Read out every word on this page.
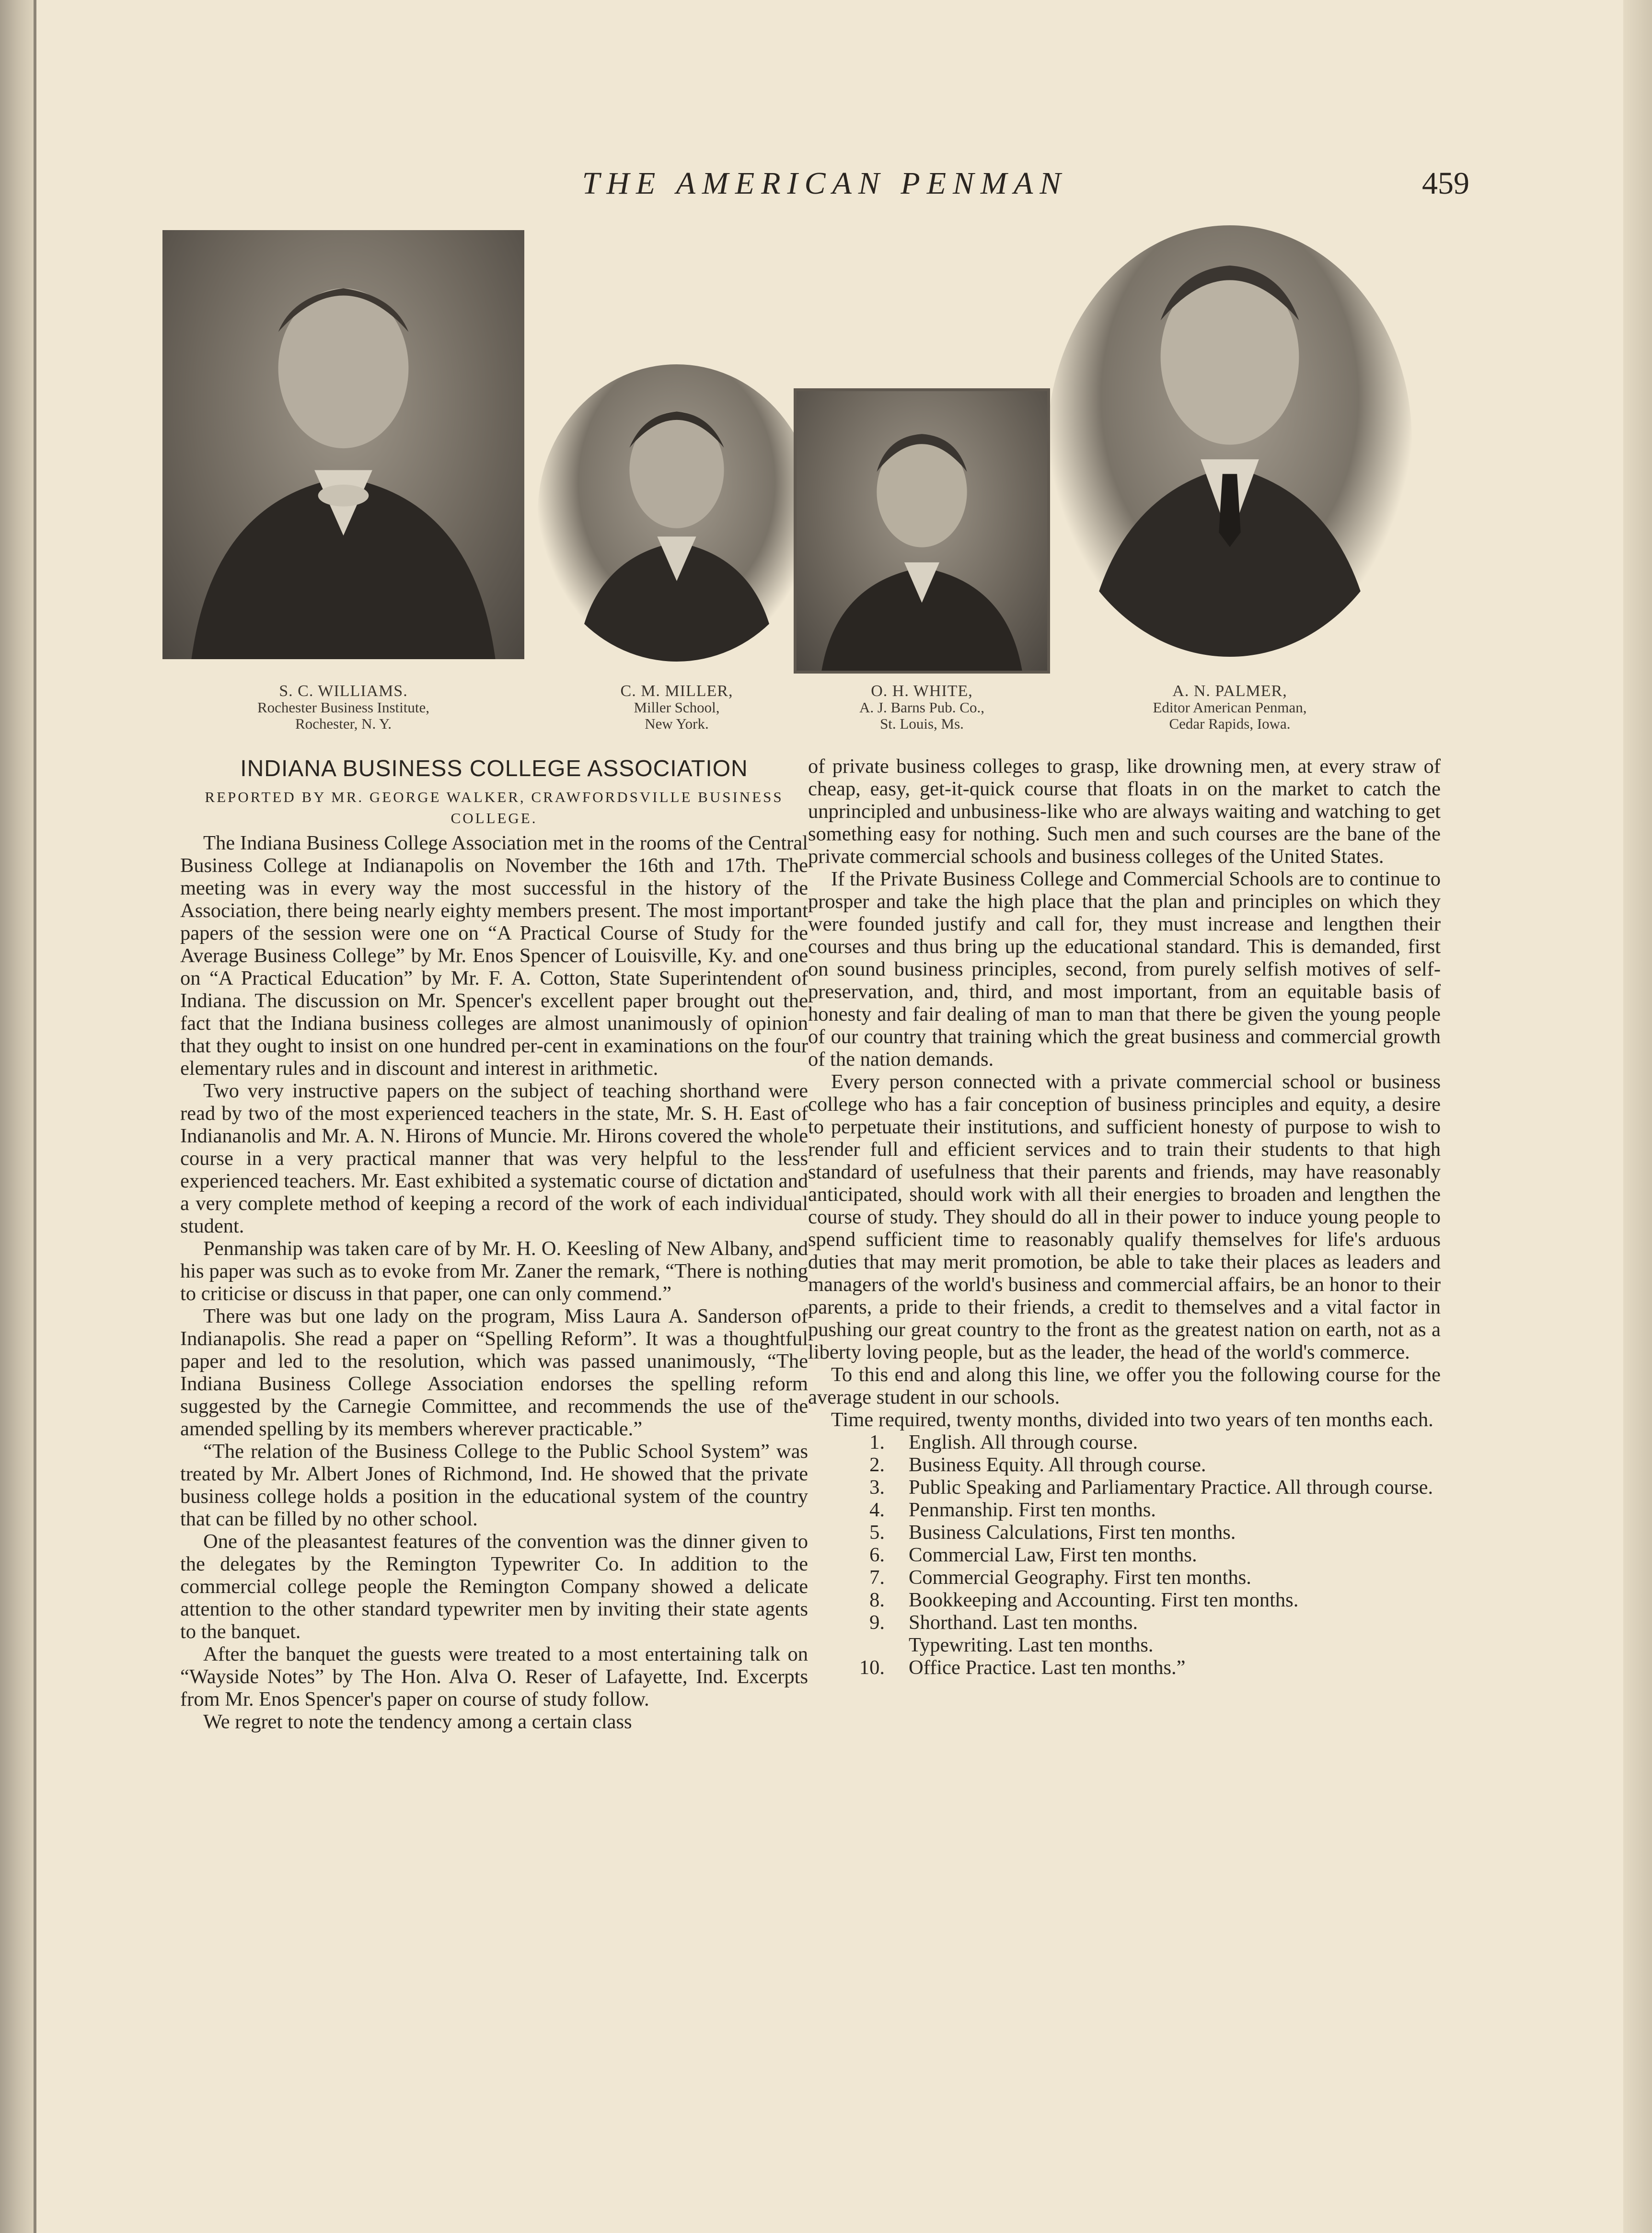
THE AMERICAN PENMAN	459
S. C. WILLIAMS.
Rochester Business Institute,
Rochester, N. Y.
C. M. MILLER,
Miller School,
New York.
O. H. WHITE,
A. J. Barns Pub. Co.,
St. Louis, Ms.
A. N. PALMER,
Editor American Penman,
Cedar Rapids, Iowa.
INDIANA BUSINESS COLLEGE ASSOCIATION
REPORTED BY MR. GEORGE WALKER, CRAWFORDSVILLE BUSINESS COLLEGE.

The Indiana Business College Association met in the rooms of the Central Business College at Indianapolis on November the 16th and 17th. The meeting was in every way the most successful in the history of the Association, there being nearly eighty members present. The most important papers of the session were one on “A Practical Course of Study for the Average Business College” by Mr. Enos Spencer of Louisville, Ky. and one on “A Practical Education” by Mr. F. A. Cotton, State Superintendent of Indiana. The discussion on Mr. Spencer's excellent paper brought out the fact that the Indiana business colleges are almost unanimously of opinion that they ought to insist on one hundred per-cent in examinations on the four elementary rules and in discount and interest in arithmetic.

Two very instructive papers on the subject of teaching shorthand were read by two of the most experienced teachers in the state, Mr. S. H. East of Indiananolis and Mr. A. N. Hirons of Muncie. Mr. Hirons covered the whole course in a very practical manner that was very helpful to the less experienced teachers. Mr. East exhibited a systematic course of dictation and a very complete method of keeping a record of the work of each individual student.

Penmanship was taken care of by Mr. H. O. Keesling of New Albany, and his paper was such as to evoke from Mr. Zaner the remark, “There is nothing to criticise or discuss in that paper, one can only commend.”

There was but one lady on the program, Miss Laura A. Sanderson of Indianapolis. She read a paper on “Spelling Reform”. It was a thoughtful paper and led to the resolution, which was passed unanimously, “The Indiana Business College Association endorses the spelling reform suggested by the Carnegie Committee, and recommends the use of the amended spelling by its members wherever practicable.”

“The relation of the Business College to the Public School System” was treated by Mr. Albert Jones of Richmond, Ind. He showed that the private business college holds a position in the educational system of the country that can be filled by no other school.

One of the pleasantest features of the convention was the dinner given to the delegates by the Remington Typewriter Co. In addition to the commercial college people the Remington Company showed a delicate attention to the other standard typewriter men by inviting their state agents to the banquet.

After the banquet the guests were treated to a most entertaining talk on “Wayside Notes” by The Hon. Alva O. Reser of Lafayette, Ind. Excerpts from Mr. Enos Spencer's paper on course of study follow.

We regret to note the tendency among a certain class

of private business colleges to grasp, like drowning men, at every straw of cheap, easy, get-it-quick course that floats in on the market to catch the unprincipled and unbusiness-like who are always waiting and watching to get something easy for nothing. Such men and such courses are the bane of the private commercial schools and business colleges of the United States.

If the Private Business College and Commercial Schools are to continue to prosper and take the high place that the plan and principles on which they were founded justify and call for, they must increase and lengthen their courses and thus bring up the educational standard. This is demanded, first on sound business principles, second, from purely selfish motives of self-preservation, and, third, and most important, from an equitable basis of honesty and fair dealing of man to man that there be given the young people of our country that training which the great business and commercial growth of the nation demands.

Every person connected with a private commercial school or business college who has a fair conception of business principles and equity, a desire to perpetuate their institutions, and sufficient honesty of purpose to wish to render full and efficient services and to train their students to that high standard of usefulness that their parents and friends, may have reasonably anticipated, should work with all their energies to broaden and lengthen the course of study. They should do all in their power to induce young people to spend sufficient time to reasonably qualify themselves for life's arduous duties that may merit promotion, be able to take their places as leaders and managers of the world's business and commercial affairs, be an honor to their parents, a pride to their friends, a credit to themselves and a vital factor in pushing our great country to the front as the greatest nation on earth, not as a liberty loving people, but as the leader, the head of the world's commerce.

To this end and along this line, we offer you the following course for the average student in our schools.

Time required, twenty months, divided into two years of ten months each.

1. English. All through course.
2. Business Equity. All through course.
3. Public Speaking and Parliamentary Practice. All through course.
4. Penmanship. First ten months.
5. Business Calculations, First ten months.
6. Commercial Law, First ten months.
7. Commercial Geography. First ten months.
8. Bookkeeping and Accounting. First ten months.
9. Shorthand. Last ten months.
Typewriting. Last ten months.
10. Office Practice. Last ten months.”
